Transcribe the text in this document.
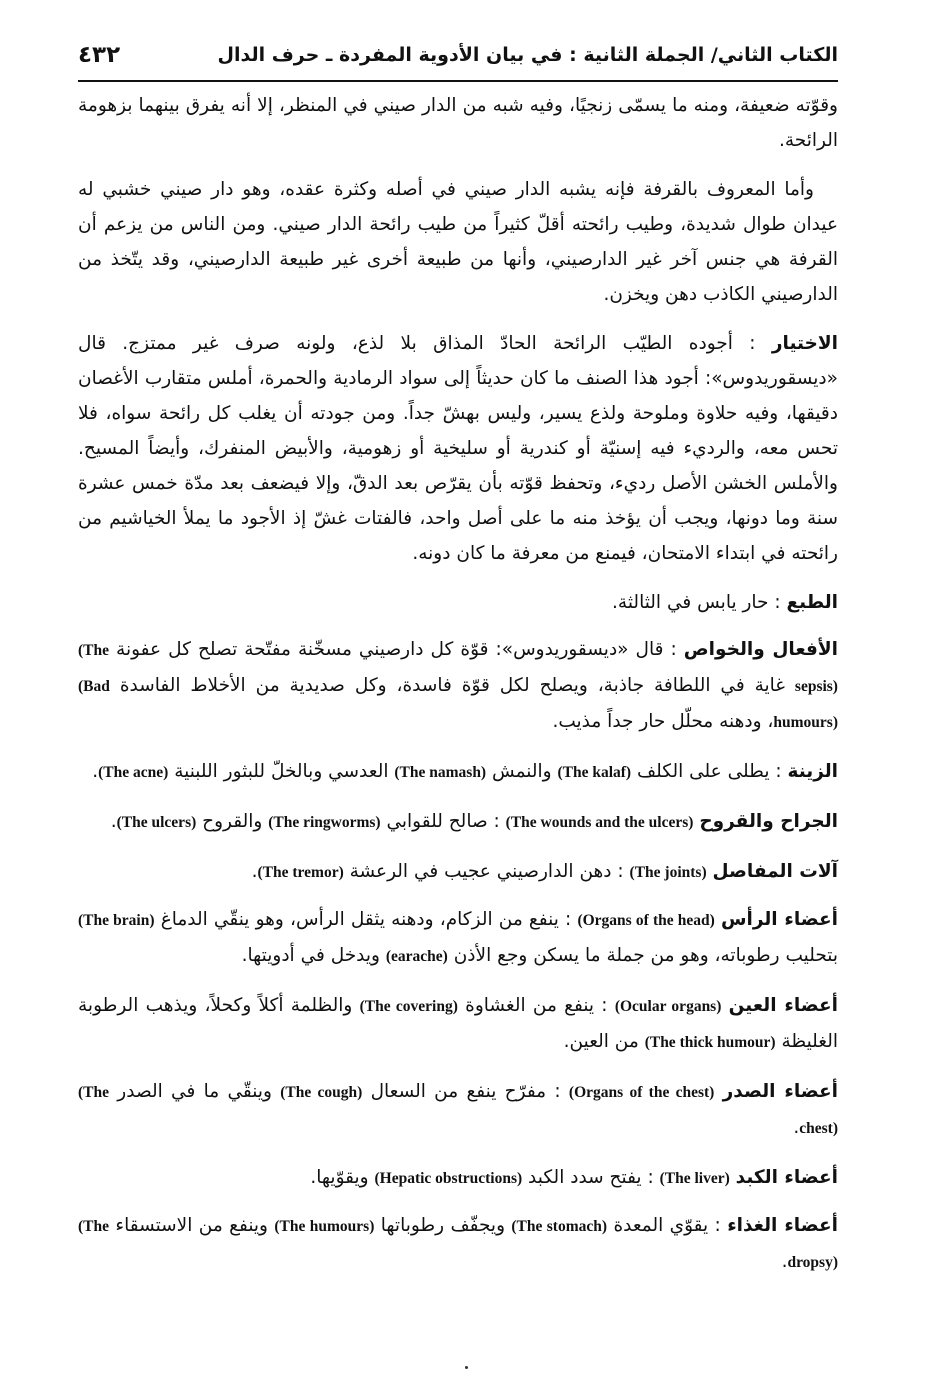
الكتاب الثاني/ الجملة الثانية : في بيان الأدوية المفردة ـ حرف الدال
٤٣٢

وقوّته ضعيفة، ومنه ما يسمّى زنجيًا، وفيه شبه من الدار صيني في المنظر، إلا أنه يفرق بينهما بزهومة الرائحة.

وأما المعروف بالقرفة فإنه يشبه الدار صيني في أصله وكثرة عقده، وهو دار صيني خشبي له عيدان طوال شديدة، وطيب رائحته أقلّ كثيراً من طيب رائحة الدار صيني. ومن الناس من يزعم أن القرفة هي جنس آخر غير الدارصيني، وأنها من طبيعة أخرى غير طبيعة الدارصيني، وقد يتّخذ من الدارصيني الكاذب دهن ويخزن.

الاختيار : أجوده الطيّب الرائحة الحادّ المذاق بلا لذع، ولونه صرف غير ممتزج. قال «ديسقوريدوس»: أجود هذا الصنف ما كان حديثاً إلى سواد الرمادية والحمرة، أملس متقارب الأغصان دقيقها، وفيه حلاوة وملوحة ولذع يسير، وليس بهشّ جداً. ومن جودته أن يغلب كل رائحة سواه، فلا تحس معه، والرديء فيه إسنيّة أو كندرية أو سليخية أو زهومية، والأبيض المنفرك، وأيضاً المسيح. والأملس الخشن الأصل رديء، وتحفظ قوّته بأن يقرّص بعد الدقّ، وإلا فيضعف بعد مدّة خمس عشرة سنة وما دونها، ويجب أن يؤخذ منه ما على أصل واحد، فالفتات غشّ إذ الأجود ما يملأ الخياشيم من رائحته في ابتداء الامتحان، فيمنع من معرفة ما كان دونه.

الطبع : حار يابس في الثالثة.

الأفعال والخواص : قال «ديسقوريدوس»: قوّة كل دارصيني مسخّنة مفتّحة تصلح كل عفونة (The sepsis) غاية في اللطافة جاذبة، ويصلح لكل قوّة فاسدة، وكل صديدية من الأخلاط الفاسدة (Bad humours)، ودهنه محلّل حار جداً مذيب.

الزينة : يطلى على الكلف (The kalaf) والنمش (The namash) العدسي وبالخلّ للبثور اللبنية (The acne).

الجراح والقروح (The wounds and the ulcers) : صالح للقوابي (The ringworms) والقروح (The ulcers).

آلات المفاصل (The joints) : دهن الدارصيني عجيب في الرعشة (The tremor).

أعضاء الرأس (Organs of the head) : ينفع من الزكام، ودهنه يثقل الرأس، وهو ينقّي الدماغ (The brain) بتحليب رطوباته، وهو من جملة ما يسكن وجع الأذن (earache) ويدخل في أدويتها.

أعضاء العين (Ocular organs) : ينفع من الغشاوة (The covering) والظلمة أكلاً وكحلاً، ويذهب الرطوبة الغليظة (The thick humour) من العين.

أعضاء الصدر (Organs of the chest) : مفرّح ينفع من السعال (The cough) وينقّي ما في الصدر (The chest).

أعضاء الكبد (The liver) : يفتح سدد الكبد (Hepatic obstructions) ويقوّيها.

أعضاء الغذاء : يقوّي المعدة (The stomach) ويجفّف رطوباتها (The humours) وينفع من الاستسقاء (The dropsy).
